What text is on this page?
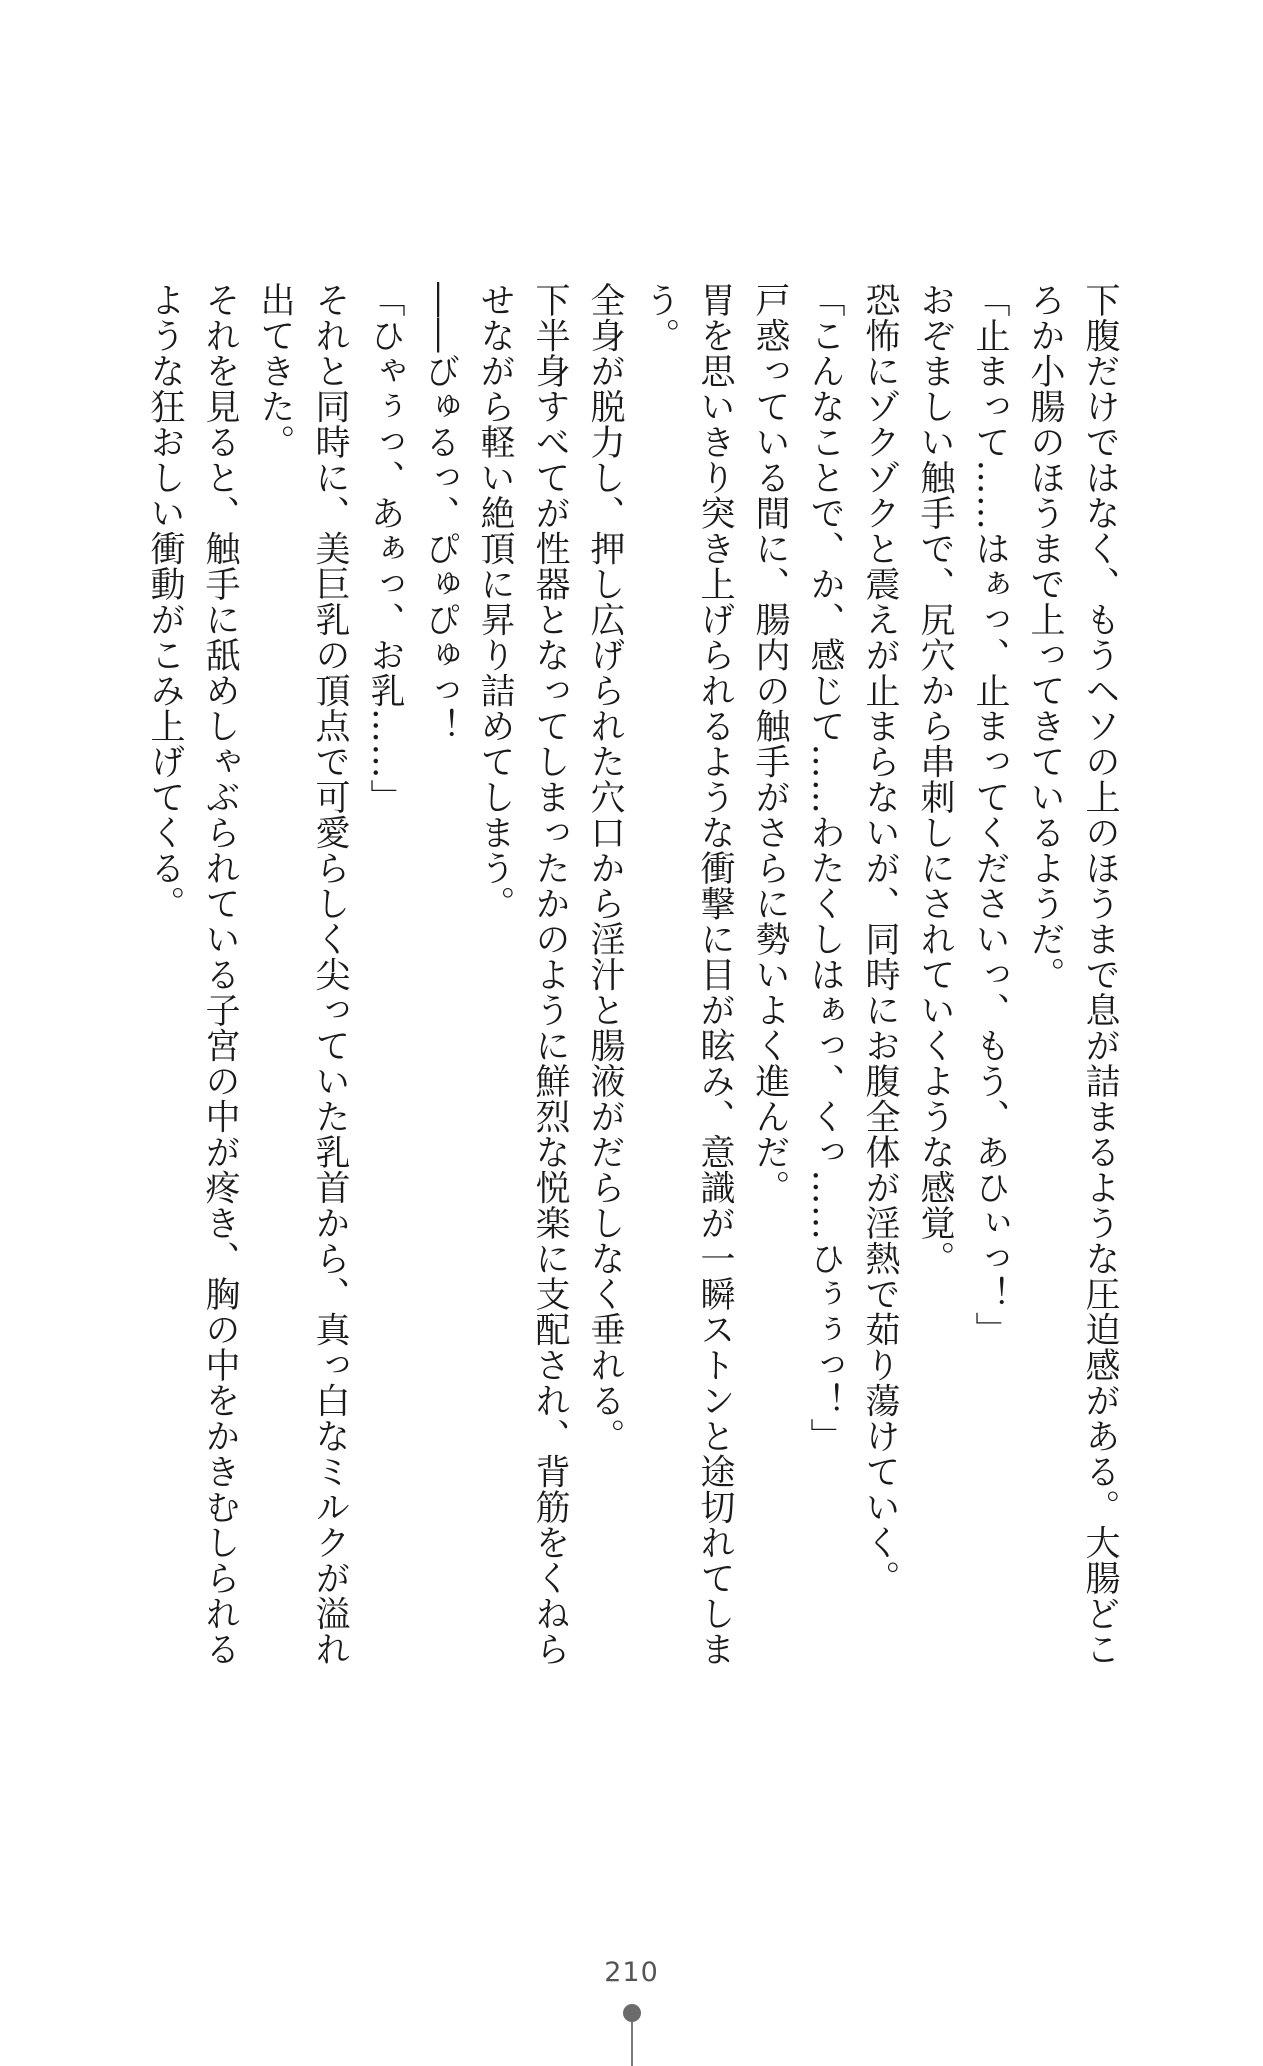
下腹だけではなく、もうヘソの上のほうまで息が詰まるような圧迫感がある。大腸どころか小腸のほうまで上ってきているようだ。

「止まって……はぁっ、止まってくださいっ、もう、あひぃっ！」

おぞましい触手で、尻穴から串刺しにされていくような感覚。

恐怖にゾクゾクと震えが止まらないが、同時にお腹全体が淫熱で茹り蕩けていく。

「こんなことで、か、感じて……わたくしはぁっ、くっ……ひぅぅっ！」

戸惑っている間に、腸内の触手がさらに勢いよく進んだ。

胃を思いきり突き上げられるような衝撃に目が眩み、意識が一瞬ストンと途切れてしまう。

全身が脱力し、押し広げられた穴口から淫汁と腸液がだらしなく垂れる。

下半身すべてが性器となってしまったかのように鮮烈な悦楽に支配され、背筋をくねらせながら軽い絶頂に昇り詰めてしまう。

――びゅるっ、ぴゅぴゅっ！

「ひゃぅっ、あぁっ、お乳……」

それと同時に、美巨乳の頂点で可愛らしく尖っていた乳首から、真っ白なミルクが溢れ出てきた。

それを見ると、触手に舐めしゃぶられている子宮の中が疼き、胸の中をかきむしられるような狂おしい衝動がこみ上げてくる。

210
